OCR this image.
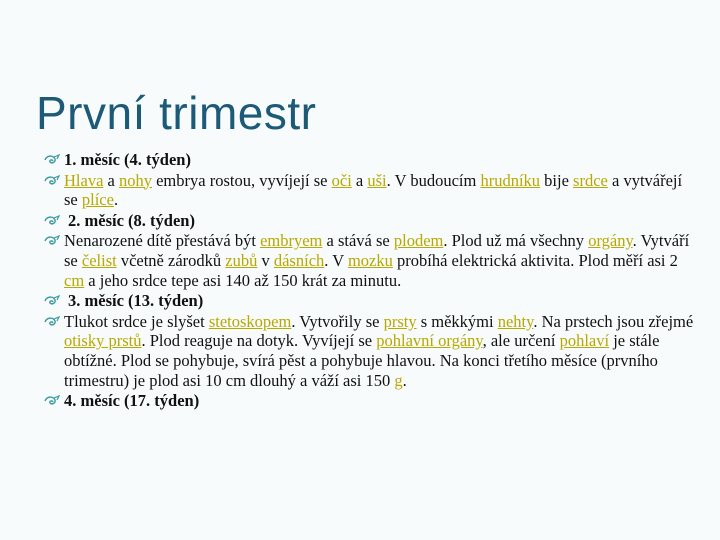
První trimestr
1. měsíc (4. týden)
Hlava a nohy embrya rostou, vyvíjejí se oči a uši. V budoucím hrudníku bije srdce a vytvářejí se plíce.
2. měsíc (8. týden)
Nenarozené dítě přestává být embryem a stává se plodem. Plod už má všechny orgány. Vytváří se čelist včetně zárodků zubů v dásních. V mozku probíhá elektrická aktivita. Plod měří asi 2 cm a jeho srdce tepe asi 140 až 150 krát za minutu.
3. měsíc (13. týden)
Tlukot srdce je slyšet stetoskopem. Vytvořily se prsty s měkkými nehty. Na prstech jsou zřejmé otisky prstů. Plod reaguje na dotyk. Vyvíjejí se pohlavní orgány, ale určení pohlaví je stále obtížné. Plod se pohybuje, svírá pěst a pohybuje hlavou. Na konci třetího měsíce (prvního trimestru) je plod asi 10 cm dlouhý a váží asi 150 g.
4. měsíc (17. týden)
